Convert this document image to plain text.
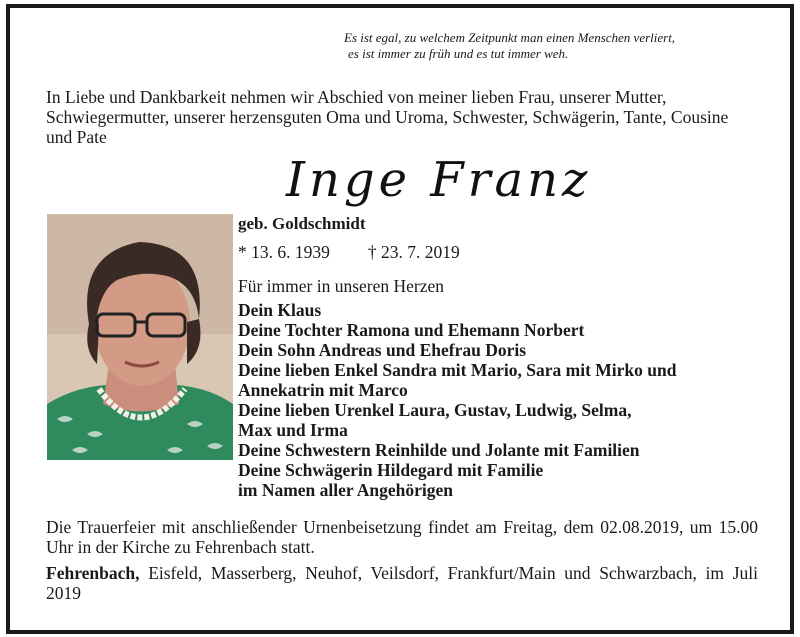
Es ist egal, zu welchem Zeitpunkt man einen Menschen verliert,
es ist immer zu früh und es tut immer weh.
In Liebe und Dankbarkeit nehmen wir Abschied von meiner lieben Frau, unserer Mutter, Schwiegermutter, unserer herzensguten Oma und Uroma, Schwester, Schwägerin, Tante, Cousine und Pate
Inge Franz
geb. Goldschmidt
* 13. 6. 1939 † 23. 7. 2019
Für immer in unseren Herzen
Dein Klaus
Deine Tochter Ramona und Ehemann Norbert
Dein Sohn Andreas und Ehefrau Doris
Deine lieben Enkel Sandra mit Mario, Sara mit Mirko und
Annekatrin mit Marco
Deine lieben Urenkel Laura, Gustav, Ludwig, Selma,
Max und Irma
Deine Schwestern Reinhilde und Jolante mit Familien
Deine Schwägerin Hildegard mit Familie
im Namen aller Angehörigen
Die Trauerfeier mit anschließender Urnenbeisetzung findet am Freitag, dem 02.08.2019, um 15.00 Uhr in der Kirche zu Fehrenbach statt.
Fehrenbach, Eisfeld, Masserberg, Neuhof, Veilsdorf, Frankfurt/Main und Schwarzbach, im Juli 2019
